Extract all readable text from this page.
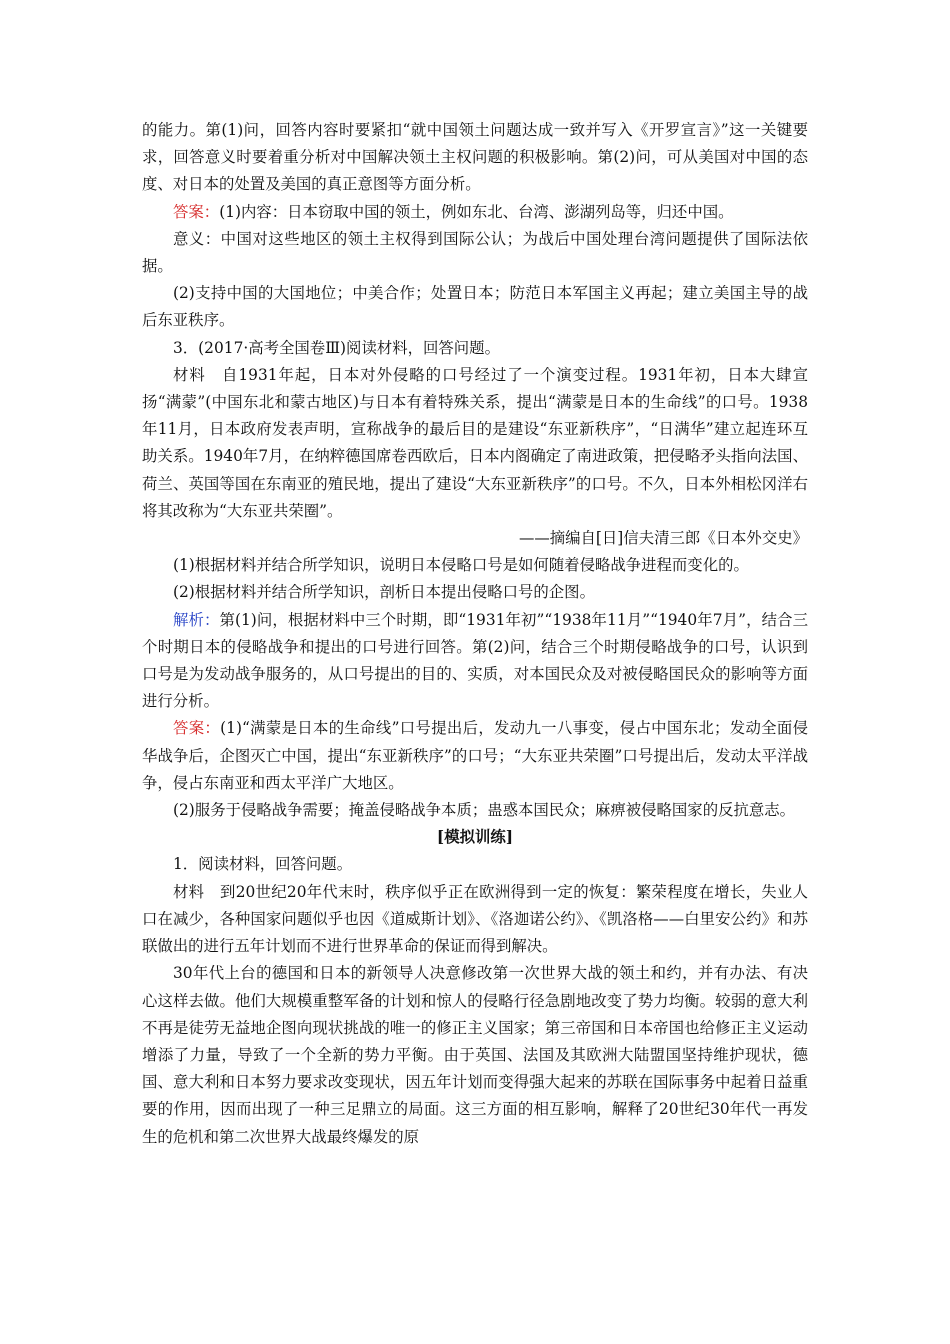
的能力。第(1)问，回答内容时要紧扣“就中国领土问题达成一致并写入《开罗宣言》”这一关键要求，回答意义时要着重分析对中国解决领土主权问题的积极影响。第(2)问，可从美国对中国的态度、对日本的处置及美国的真正意图等方面分析。

答案：(1)内容：日本窃取中国的领土，例如东北、台湾、澎湖列岛等，归还中国。

意义：中国对这些地区的领土主权得到国际公认；为战后中国处理台湾问题提供了国际法依据。

(2)支持中国的大国地位；中美合作；处置日本；防范日本军国主义再起；建立美国主导的战后东亚秩序。

3．(2017·高考全国卷Ⅲ)阅读材料，回答问题。

材料　自1931年起，日本对外侵略的口号经过了一个演变过程。1931年初，日本大肆宣扬“满蒙”(中国东北和蒙古地区)与日本有着特殊关系，提出“满蒙是日本的生命线”的口号。1938年11月，日本政府发表声明，宣称战争的最后目的是建设“东亚新秩序”，“日满华”建立起连环互助关系。1940年7月，在纳粹德国席卷西欧后，日本内阁确定了南进政策，把侵略矛头指向法国、荷兰、英国等国在东南亚的殖民地，提出了建设“大东亚新秩序”的口号。不久，日本外相松冈洋右将其改称为“大东亚共荣圈”。

——摘编自[日]信夫清三郎《日本外交史》

(1)根据材料并结合所学知识，说明日本侵略口号是如何随着侵略战争进程而变化的。

(2)根据材料并结合所学知识，剖析日本提出侵略口号的企图。

解析：第(1)问，根据材料中三个时期，即“1931年初”“1938年11月”“1940年7月”，结合三个时期日本的侵略战争和提出的口号进行回答。第(2)问，结合三个时期侵略战争的口号，认识到口号是为发动战争服务的，从口号提出的目的、实质，对本国民众及对被侵略国民众的影响等方面进行分析。

答案：(1)“满蒙是日本的生命线”口号提出后，发动九一八事变，侵占中国东北；发动全面侵华战争后，企图灭亡中国，提出“东亚新秩序”的口号；“大东亚共荣圈”口号提出后，发动太平洋战争，侵占东南亚和西太平洋广大地区。

(2)服务于侵略战争需要；掩盖侵略战争本质；蛊惑本国民众；麻痹被侵略国家的反抗意志。

[模拟训练]

1．阅读材料，回答问题。

材料　到20世纪20年代末时，秩序似乎正在欧洲得到一定的恢复：繁荣程度在增长，失业人口在减少，各种国家问题似乎也因《道威斯计划》、《洛迦诺公约》、《凯洛格——白里安公约》和苏联做出的进行五年计划而不进行世界革命的保证而得到解决。

30年代上台的德国和日本的新领导人决意修改第一次世界大战的领土和约，并有办法、有决心这样去做。他们大规模重整军备的计划和惊人的侵略行径急剧地改变了势力均衡。较弱的意大利不再是徒劳无益地企图向现状挑战的唯一的修正主义国家；第三帝国和日本帝国也给修正主义运动增添了力量，导致了一个全新的势力平衡。由于英国、法国及其欧洲大陆盟国坚持维护现状，德国、意大利和日本努力要求改变现状，因五年计划而变得强大起来的苏联在国际事务中起着日益重要的作用，因而出现了一种三足鼎立的局面。这三方面的相互影响，解释了20世纪30年代一再发生的危机和第二次世界大战最终爆发的原
